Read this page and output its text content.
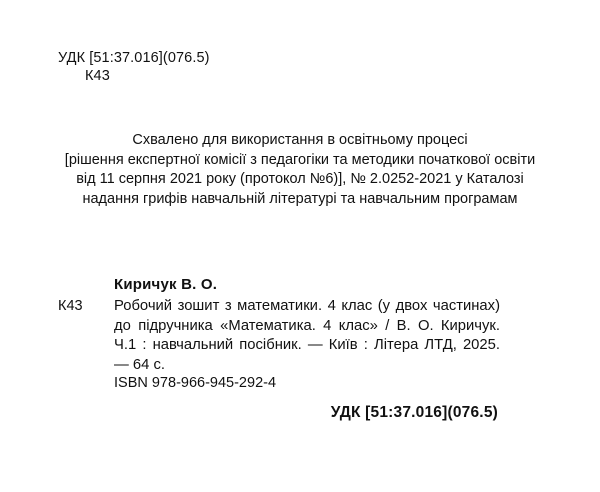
УДК [51:37.016](076.5)
К43
Схвалено для використання в освітньому процесі
[рішення експертної комісії з педагогіки та методики початкової освіти
від 11 серпня 2021 року (протокол №6)], № 2.0252-2021 у Каталозі
надання грифів навчальній літературі та навчальним програмам
Киричук В. О.
К43 Робочий зошит з математики. 4 клас (у двох частинах) до підручника «Математика. 4 клас» / В. О. Киричук. Ч.1 : навчальний посібник. — Київ : Літера ЛТД, 2025. — 64 с.
ISBN 978-966-945-292-4
УДК [51:37.016](076.5)
